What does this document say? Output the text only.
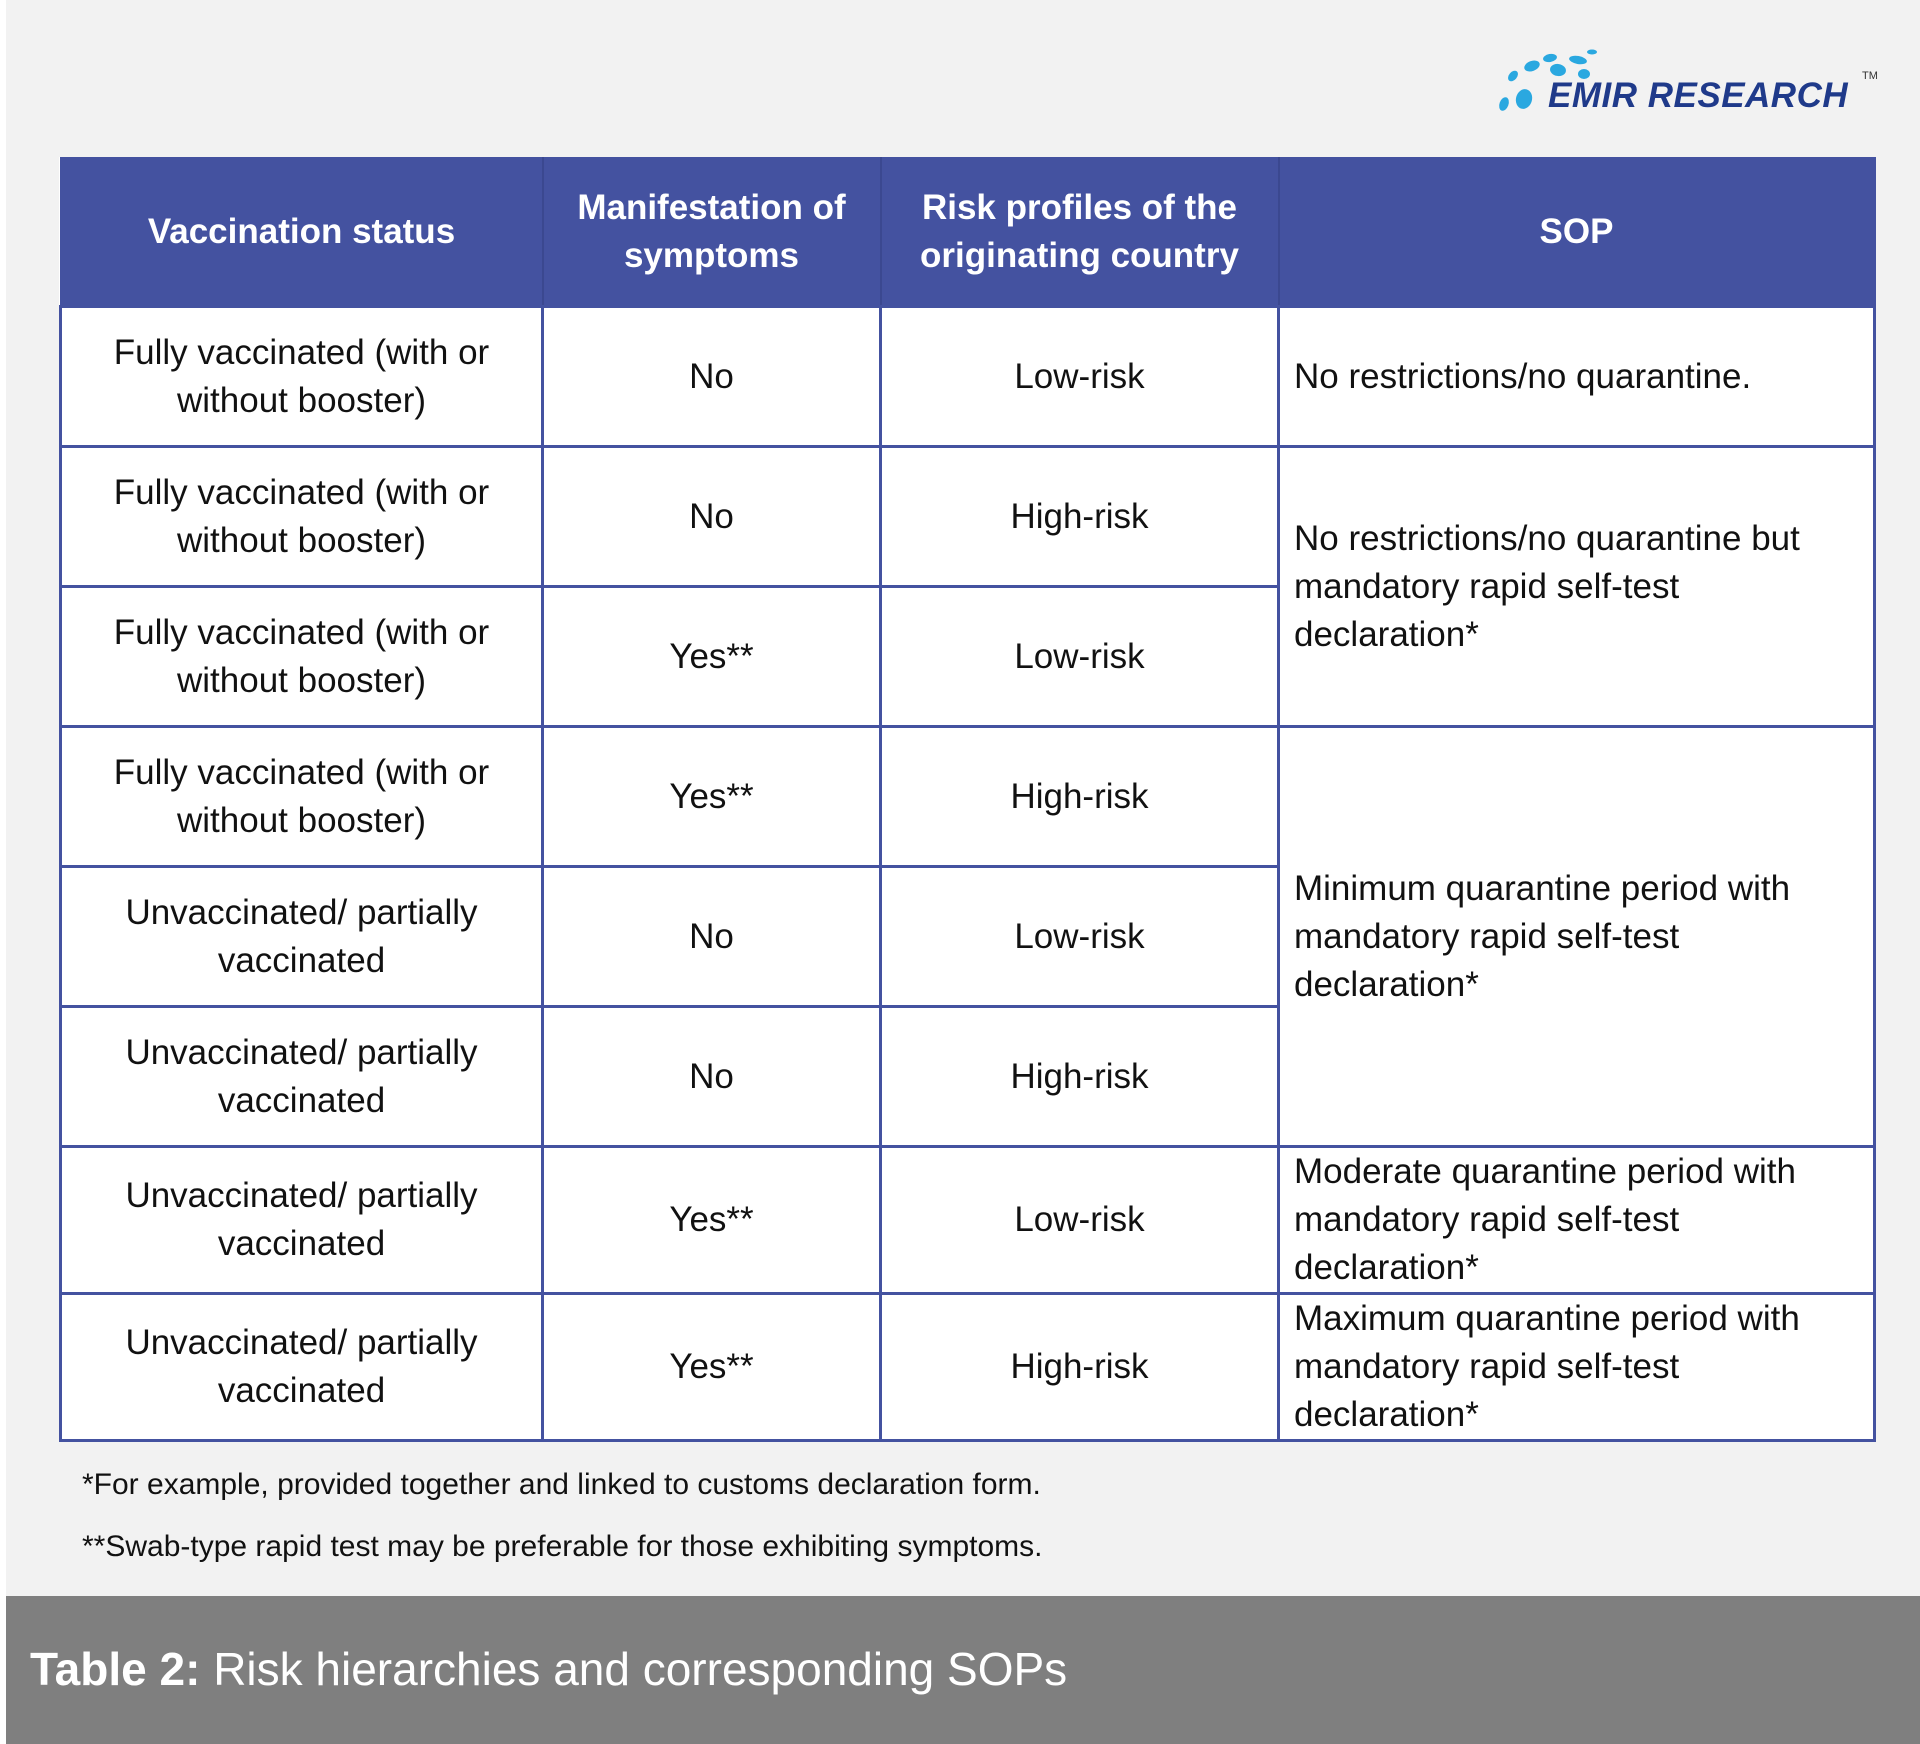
EMIR RESEARCH TM
Vaccination status	Manifestation of symptoms	Risk profiles of the originating country	SOP
Fully vaccinated (with or without booster)	No	Low-risk	No restrictions/no quarantine.
Fully vaccinated (with or without booster)	No	High-risk	No restrictions/no quarantine but mandatory rapid self-test declaration*
Fully vaccinated (with or without booster)	Yes**	Low-risk	
Fully vaccinated (with or without booster)	Yes**	High-risk	Minimum quarantine period with mandatory rapid self-test declaration*
Unvaccinated/ partially vaccinated	No	Low-risk	
Unvaccinated/ partially vaccinated	No	High-risk	
Unvaccinated/ partially vaccinated	Yes**	Low-risk	Moderate quarantine period with mandatory rapid self-test declaration*
Unvaccinated/ partially vaccinated	Yes**	High-risk	Maximum quarantine period with mandatory rapid self-test declaration*
*For example, provided together and linked to customs declaration form.
**Swab-type rapid test may be preferable for those exhibiting symptoms.
Table 2: Risk hierarchies and corresponding SOPs
